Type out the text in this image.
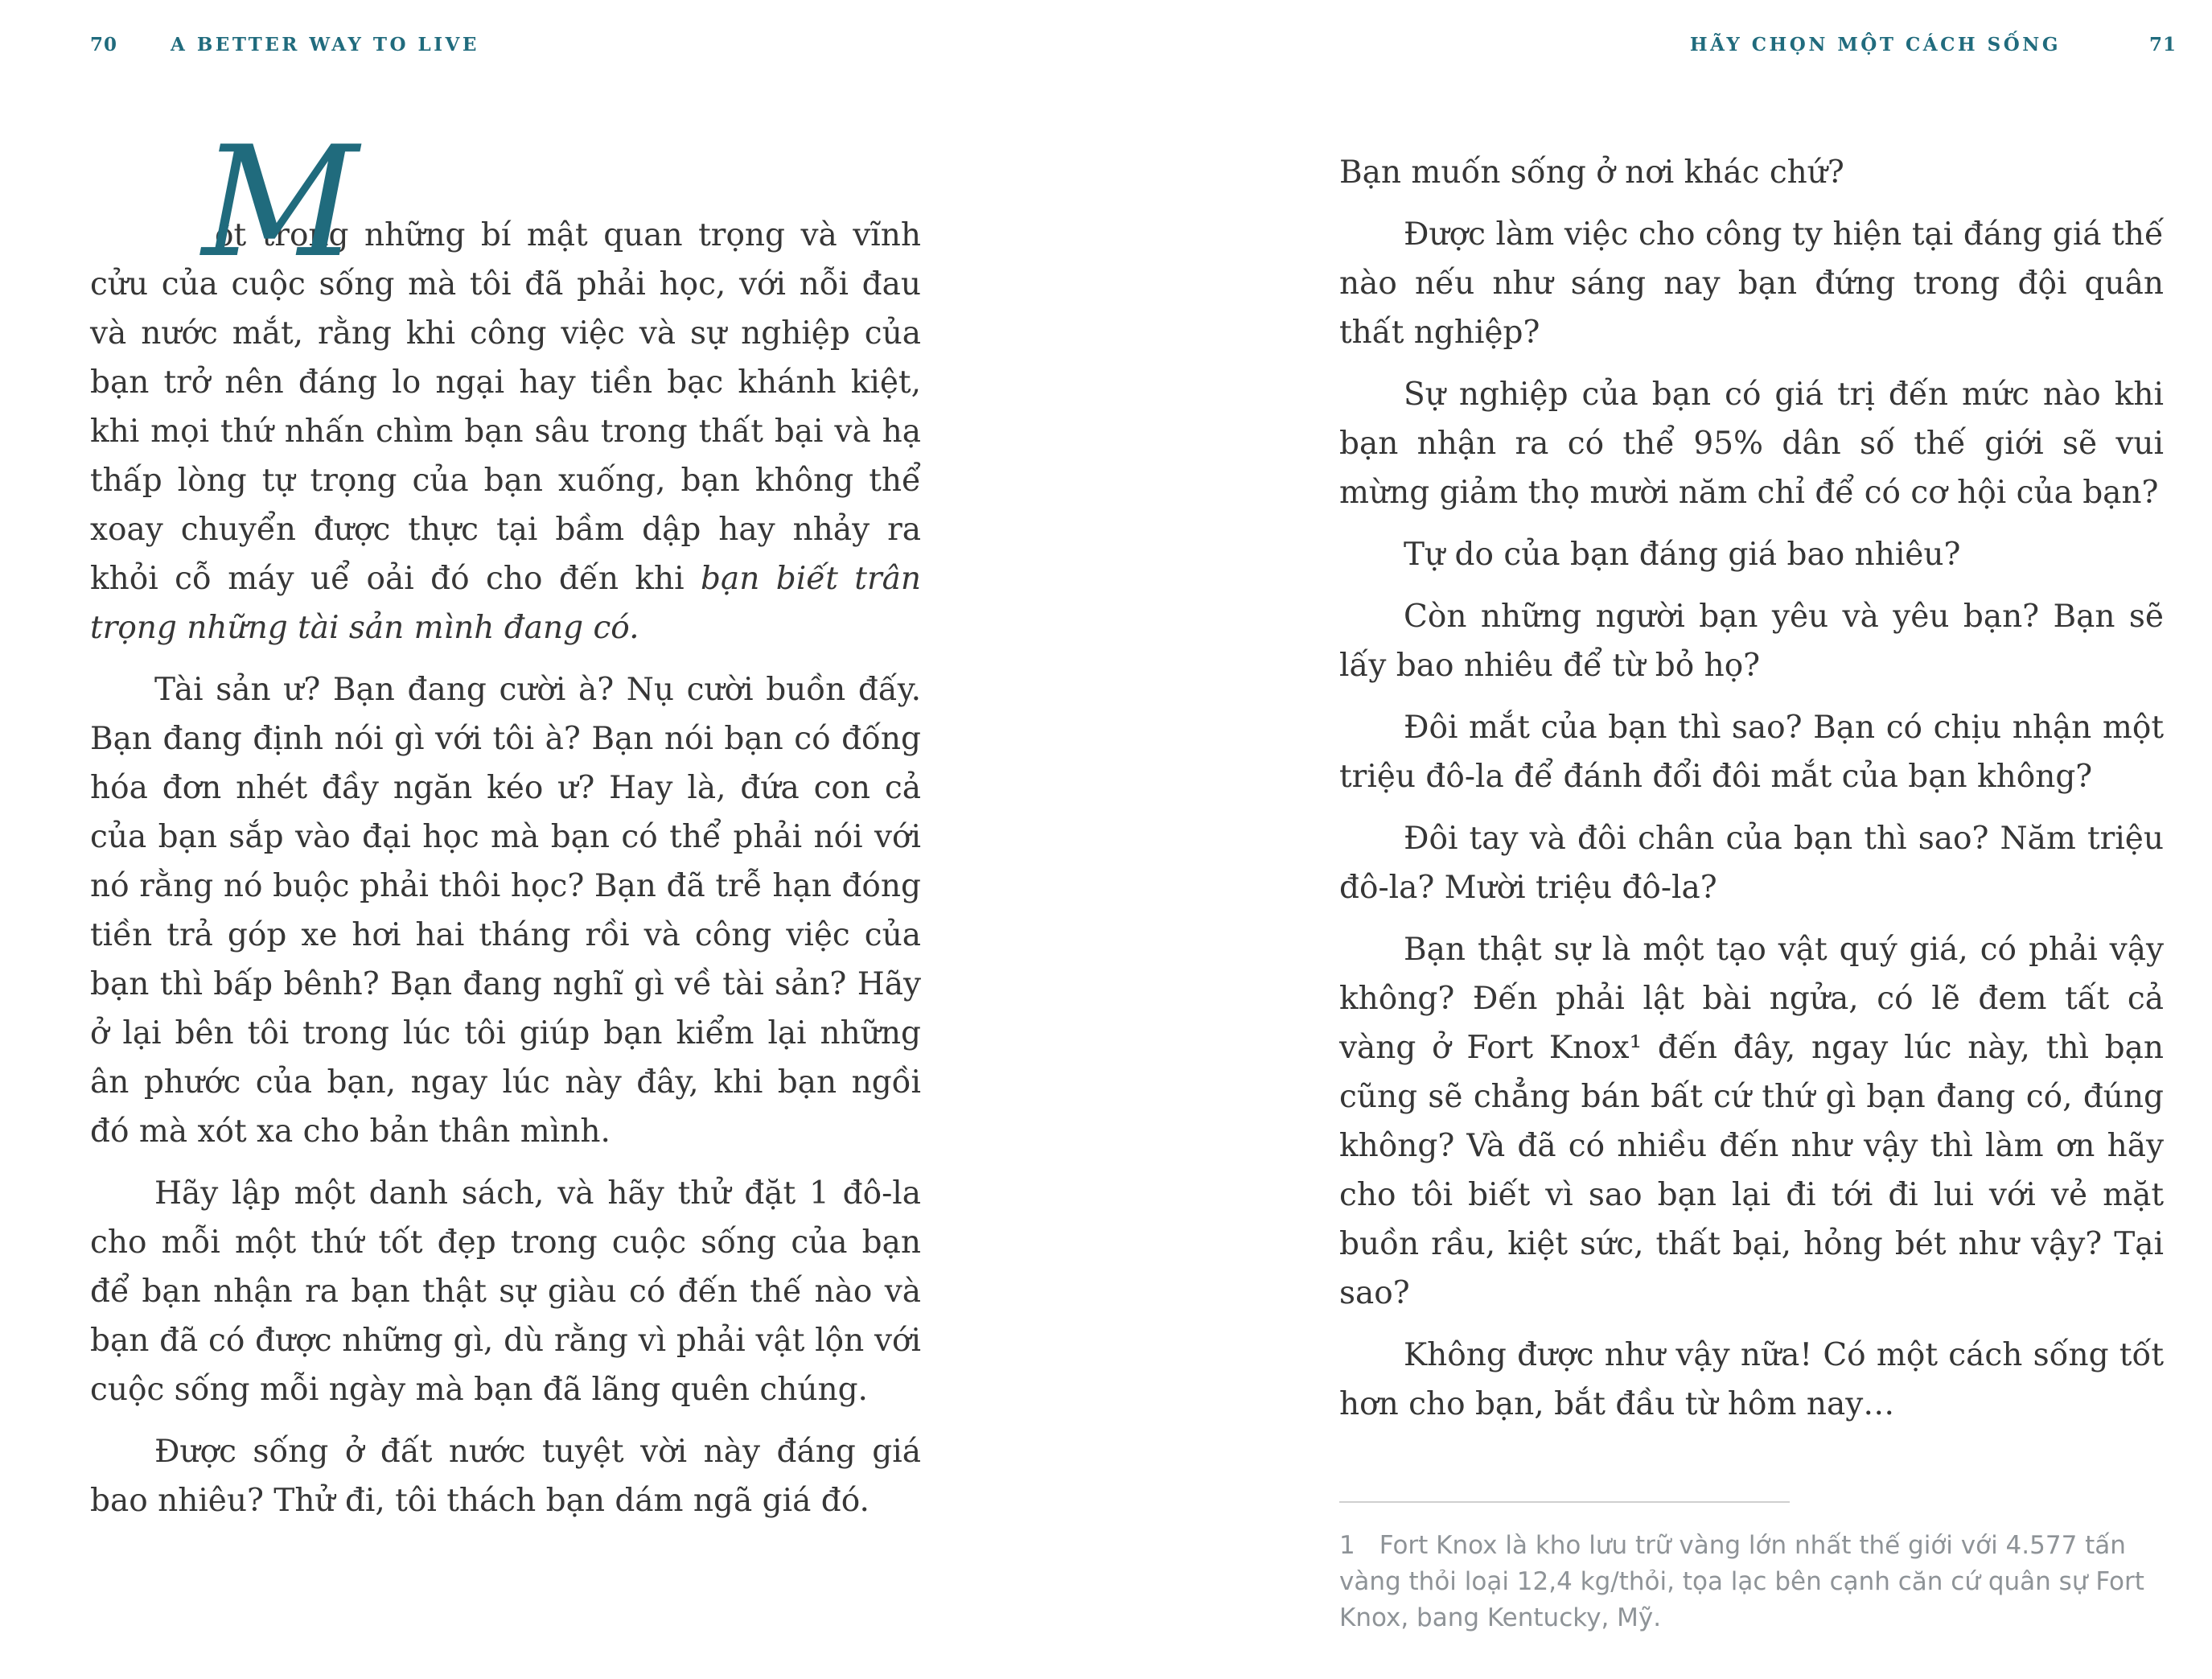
70	A BETTER WAY TO LIVE

M
ột trong những bí mật quan trọng và vĩnh cửu của cuộc sống mà tôi đã phải học, với nỗi đau và nước mắt, rằng khi công việc và sự nghiệp của bạn trở nên đáng lo ngại hay tiền bạc khánh kiệt, khi mọi thứ nhấn chìm bạn sâu trong thất bại và hạ thấp lòng tự trọng của bạn xuống, bạn không thể xoay chuyển được thực tại bầm dập hay nhảy ra khỏi cỗ máy uể oải đó cho đến khi bạn biết trân trọng những tài sản mình đang có.

Tài sản ư? Bạn đang cười à? Nụ cười buồn đấy. Bạn đang định nói gì với tôi à? Bạn nói bạn có đống hóa đơn nhét đầy ngăn kéo ư? Hay là, đứa con cả của bạn sắp vào đại học mà bạn có thể phải nói với nó rằng nó buộc phải thôi học? Bạn đã trễ hạn đóng tiền trả góp xe hơi hai tháng rồi và công việc của bạn thì bấp bênh? Bạn đang nghĩ gì về tài sản? Hãy ở lại bên tôi trong lúc tôi giúp bạn kiểm lại những ân phước của bạn, ngay lúc này đây, khi bạn ngồi đó mà xót xa cho bản thân mình.

Hãy lập một danh sách, và hãy thử đặt 1 đô-la cho mỗi một thứ tốt đẹp trong cuộc sống của bạn để bạn nhận ra bạn thật sự giàu có đến thế nào và bạn đã có được những gì, dù rằng vì phải vật lộn với cuộc sống mỗi ngày mà bạn đã lãng quên chúng.

Được sống ở đất nước tuyệt vời này đáng giá bao nhiêu? Thử đi, tôi thách bạn dám ngã giá đó.

HÃY CHỌN MỘT CÁCH SỐNG	71

Bạn muốn sống ở nơi khác chứ?

Được làm việc cho công ty hiện tại đáng giá thế nào nếu như sáng nay bạn đứng trong đội quân thất nghiệp?

Sự nghiệp của bạn có giá trị đến mức nào khi bạn nhận ra có thể 95% dân số thế giới sẽ vui mừng giảm thọ mười năm chỉ để có cơ hội của bạn?

Tự do của bạn đáng giá bao nhiêu?

Còn những người bạn yêu và yêu bạn? Bạn sẽ lấy bao nhiêu để từ bỏ họ?

Đôi mắt của bạn thì sao? Bạn có chịu nhận một triệu đô-la để đánh đổi đôi mắt của bạn không?

Đôi tay và đôi chân của bạn thì sao? Năm triệu đô-la? Mười triệu đô-la?

Bạn thật sự là một tạo vật quý giá, có phải vậy không? Đến phải lật bài ngửa, có lẽ đem tất cả vàng ở Fort Knox¹ đến đây, ngay lúc này, thì bạn cũng sẽ chẳng bán bất cứ thứ gì bạn đang có, đúng không? Và đã có nhiều đến như vậy thì làm ơn hãy cho tôi biết vì sao bạn lại đi tới đi lui với vẻ mặt buồn rầu, kiệt sức, thất bại, hỏng bét như vậy? Tại sao?

Không được như vậy nữa! Có một cách sống tốt hơn cho bạn, bắt đầu từ hôm nay…

1 Fort Knox là kho lưu trữ vàng lớn nhất thế giới với 4.577 tấn vàng thỏi loại 12,4 kg/thỏi, tọa lạc bên cạnh căn cứ quân sự Fort Knox, bang Kentucky, Mỹ.
